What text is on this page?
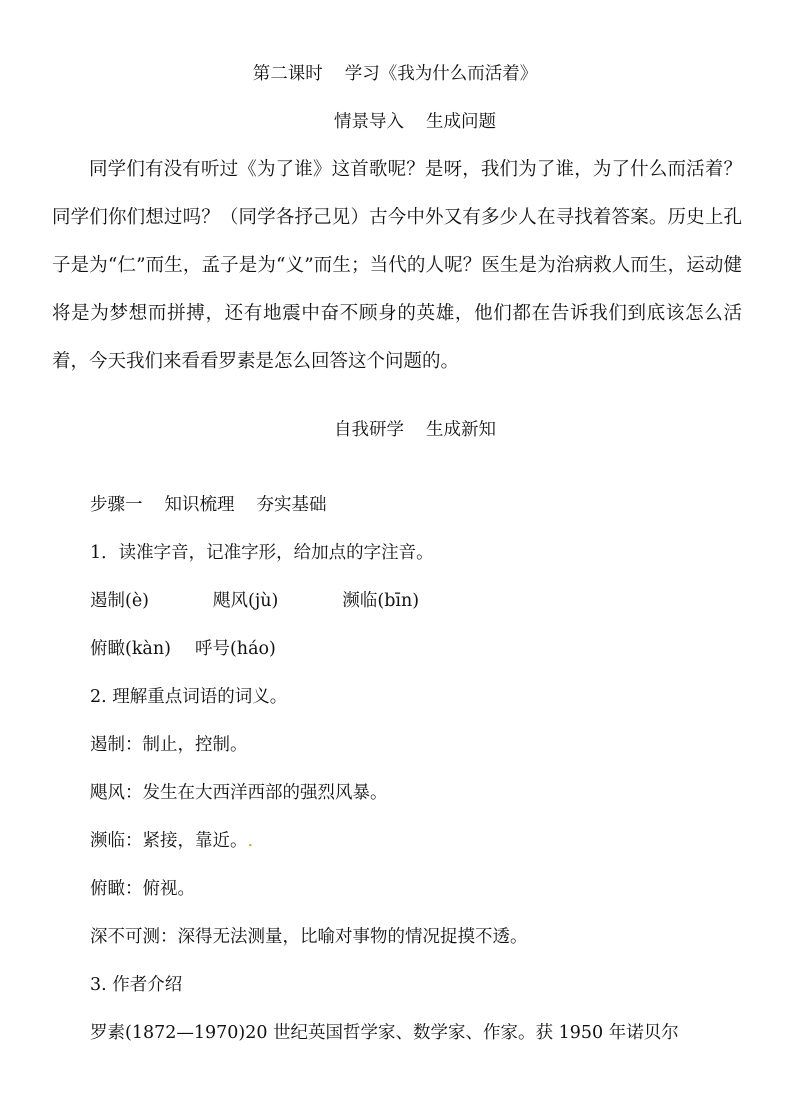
第二课时 学习《我为什么而活着》
情景导入 生成问题
同学们有没有听过《为了谁》这首歌呢？是呀，我们为了谁，为了什么而活着？同学们你们想过吗？（同学各抒己见）古今中外又有多少人在寻找着答案。历史上孔子是为“仁”而生，孟子是为“义”而生；当代的人呢？医生是为治病救人而生，运动健将是为梦想而拼搏，还有地震中奋不顾身的英雄，他们都在告诉我们到底该怎么活着，今天我们来看看罗素是怎么回答这个问题的。
自我研学 生成新知
步骤一 知识梳理 夯实基础
1．读准字音，记准字形，给加点的字注音。
遏制(è)	飓风(jù)	濒临(bīn)
俯瞰(kàn) 呼号(háo)
2. 理解重点词语的词义。
遏制：制止，控制。
飓风：发生在大西洋西部的强烈风暴。
濒临：紧接，靠近。.
俯瞰：俯视。
深不可测：深得无法测量，比喻对事物的情况捉摸不透。
3. 作者介绍
罗素(1872—1970)20 世纪英国哲学家、数学家、作家。获 1950 年诺贝尔
